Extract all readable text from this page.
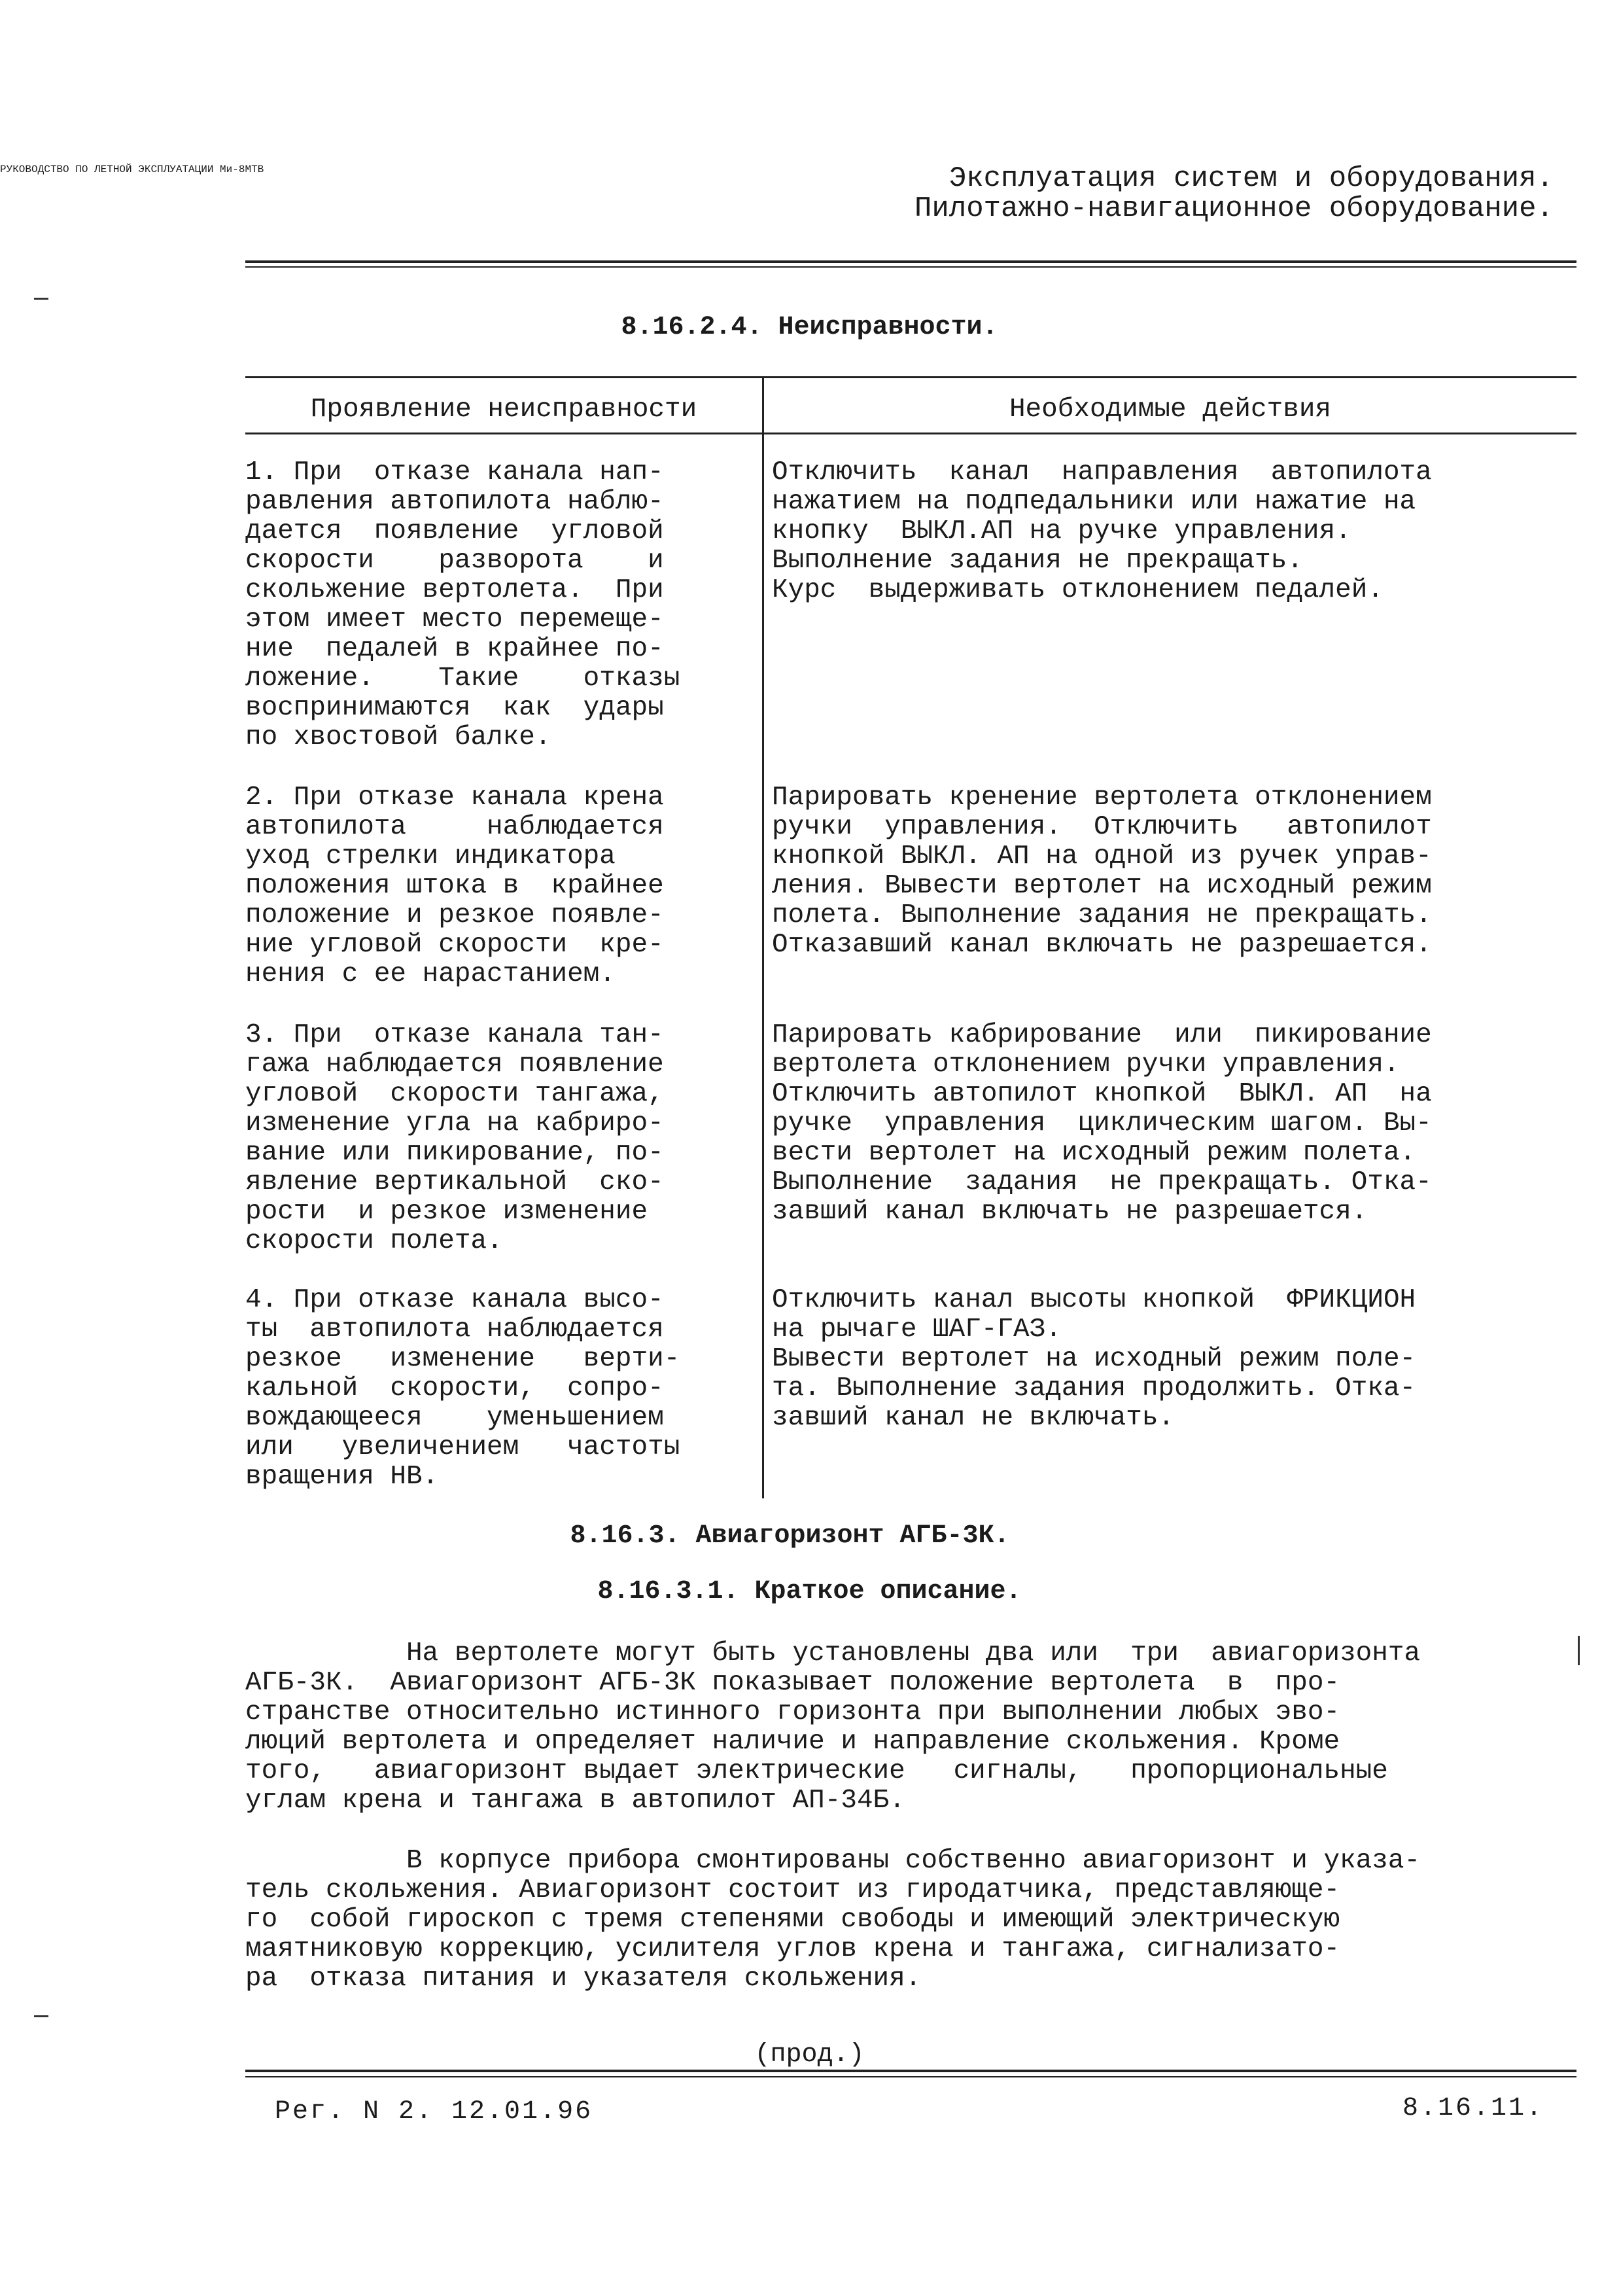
Эксплуатация систем и оборудования.
Пилотажно-навигационное оборудование.
РУКОВОДСТВО ПО ЛЕТНОЙ ЭКСПЛУАТАЦИИ Ми-8МТВ
8.16.2.4. Неисправности.
Проявление неисправности	Необходимые действия
1. При  отказе канала нап-
равления автопилота наблю-
дается  появление  угловой
скорости    разворота    и
скольжение вертолета.  При
этом имеет место перемеще-
ние  педалей в крайнее по-
ложение.    Такие    отказы
воспринимаются  как  удары
по хвостовой балке.
Отключить  канал  направления  автопилота
нажатием на подпедальники или нажатие на
кнопку  ВЫКЛ.АП на ручке управления.
Выполнение задания не прекращать.
Курс  выдерживать отклонением педалей.
2. При отказе канала крена
автопилота     наблюдается
уход стрелки индикатора
положения штока в  крайнее
положение и резкое появле-
ние угловой скорости  кре-
нения с ее нарастанием.
Парировать кренение вертолета отклонением
ручки  управления.  Отключить   автопилот
кнопкой ВЫКЛ. АП на одной из ручек управ-
ления. Вывести вертолет на исходный режим
полета. Выполнение задания не прекращать.
Отказавший канал включать не разрешается.
3. При  отказе канала тан-
гажа наблюдается появление
угловой  скорости тангажа,
изменение угла на кабриро-
вание или пикирование, по-
явление вертикальной  ско-
рости  и резкое изменение
скорости полета.
Парировать кабрирование  или  пикирование
вертолета отклонением ручки управления.
Отключить автопилот кнопкой  ВЫКЛ. АП  на
ручке  управления  циклическим шагом. Вы-
вести вертолет на исходный режим полета.
Выполнение  задания  не прекращать. Отка-
завший канал включать не разрешается.
4. При отказе канала высо-
ты  автопилота наблюдается
резкое   изменение   верти-
кальной  скорости,  сопро-
вождающееся    уменьшением
или   увеличением   частоты
вращения НВ.
Отключить канал высоты кнопкой  ФРИКЦИОН
на рычаге ШАГ-ГАЗ.
Вывести вертолет на исходный режим поле-
та. Выполнение задания продолжить. Отка-
завший канал не включать.
8.16.3. Авиагоризонт АГБ-3К.
8.16.3.1. Краткое описание.
На вертолете могут быть установлены два или  три  авиагоризонта
АГБ-3К.  Авиагоризонт АГБ-3К показывает положение вертолета  в  про-
странстве относительно истинного горизонта при выполнении любых эво-
люций вертолета и определяет наличие и направление скольжения. Кроме
того,   авиагоризонт выдает электрические   сигналы,   пропорциональные
углам крена и тангажа в автопилот АП-34Б.
В корпусе прибора смонтированы собственно авиагоризонт и указа-
тель скольжения. Авиагоризонт состоит из гиродатчика, представляюще-
го  собой гироскоп с тремя степенями свободы и имеющий электрическую
маятниковую коррекцию, усилителя углов крена и тангажа, сигнализато-
ра  отказа питания и указателя скольжения.
(прод.)
Рег. N 2. 12.01.96	8.16.11.
